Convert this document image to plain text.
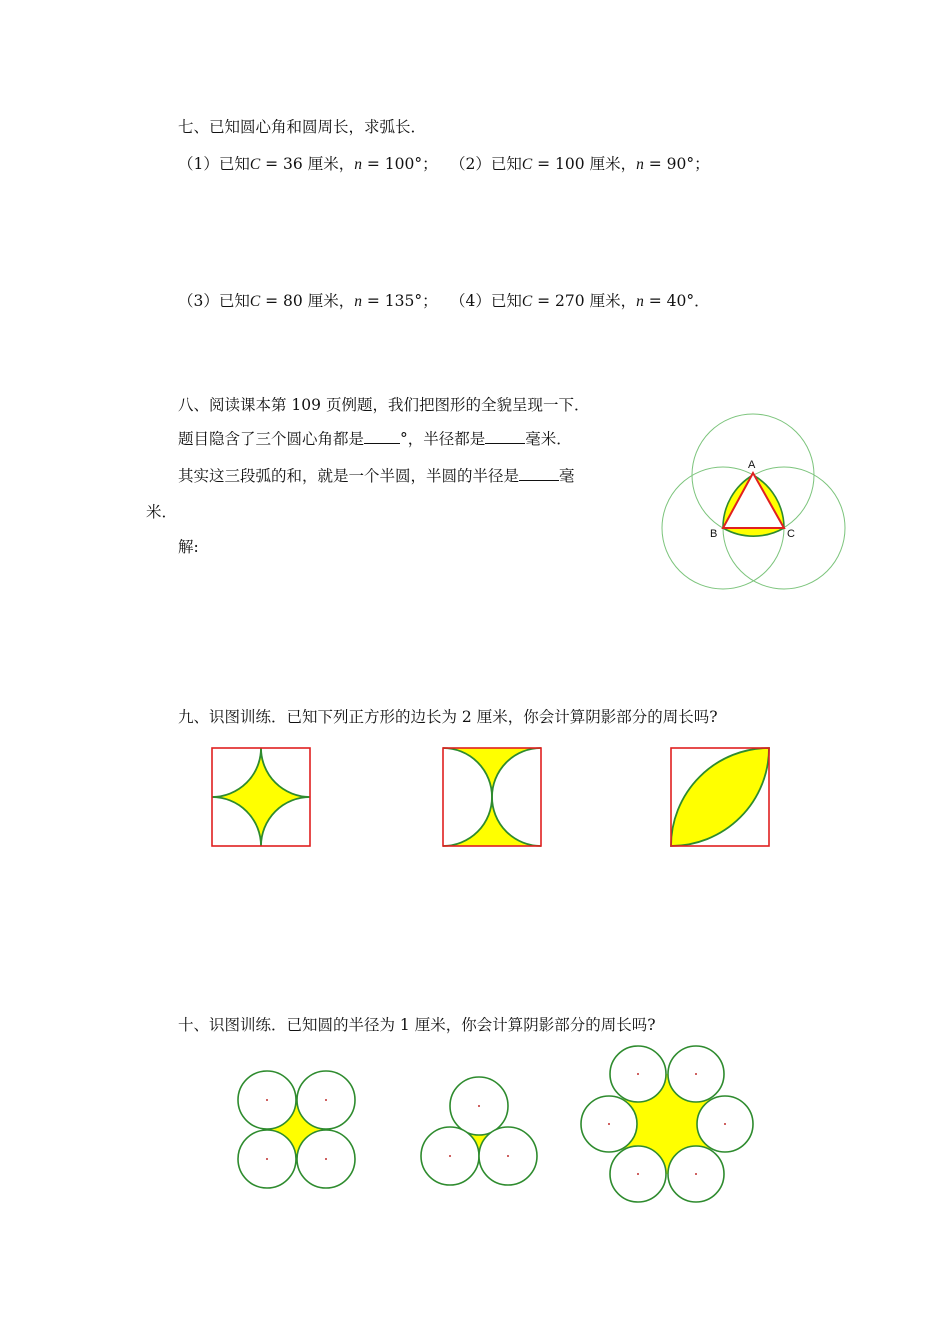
七、已知圆心角和圆周长，求弧长．
（1）已知C = 36 厘米，n = 100°； （2）已知C = 100 厘米，n = 90°；
（3）已知C = 80 厘米，n = 135°； （4）已知C = 270 厘米，n = 40°．
八、阅读课本第 109 页例题，我们把图形的全貌呈现一下．
题目隐含了三个圆心角都是 °，半径都是	毫米．
其实这三段弧的和，就是一个半圆，半圆的半径是	毫
米．
解:
A
B	C
九、识图训练．已知下列正方形的边长为 2 厘米，你会计算阴影部分的周长吗?
十、识图训练．已知圆的半径为 1 厘米，你会计算阴影部分的周长吗?
